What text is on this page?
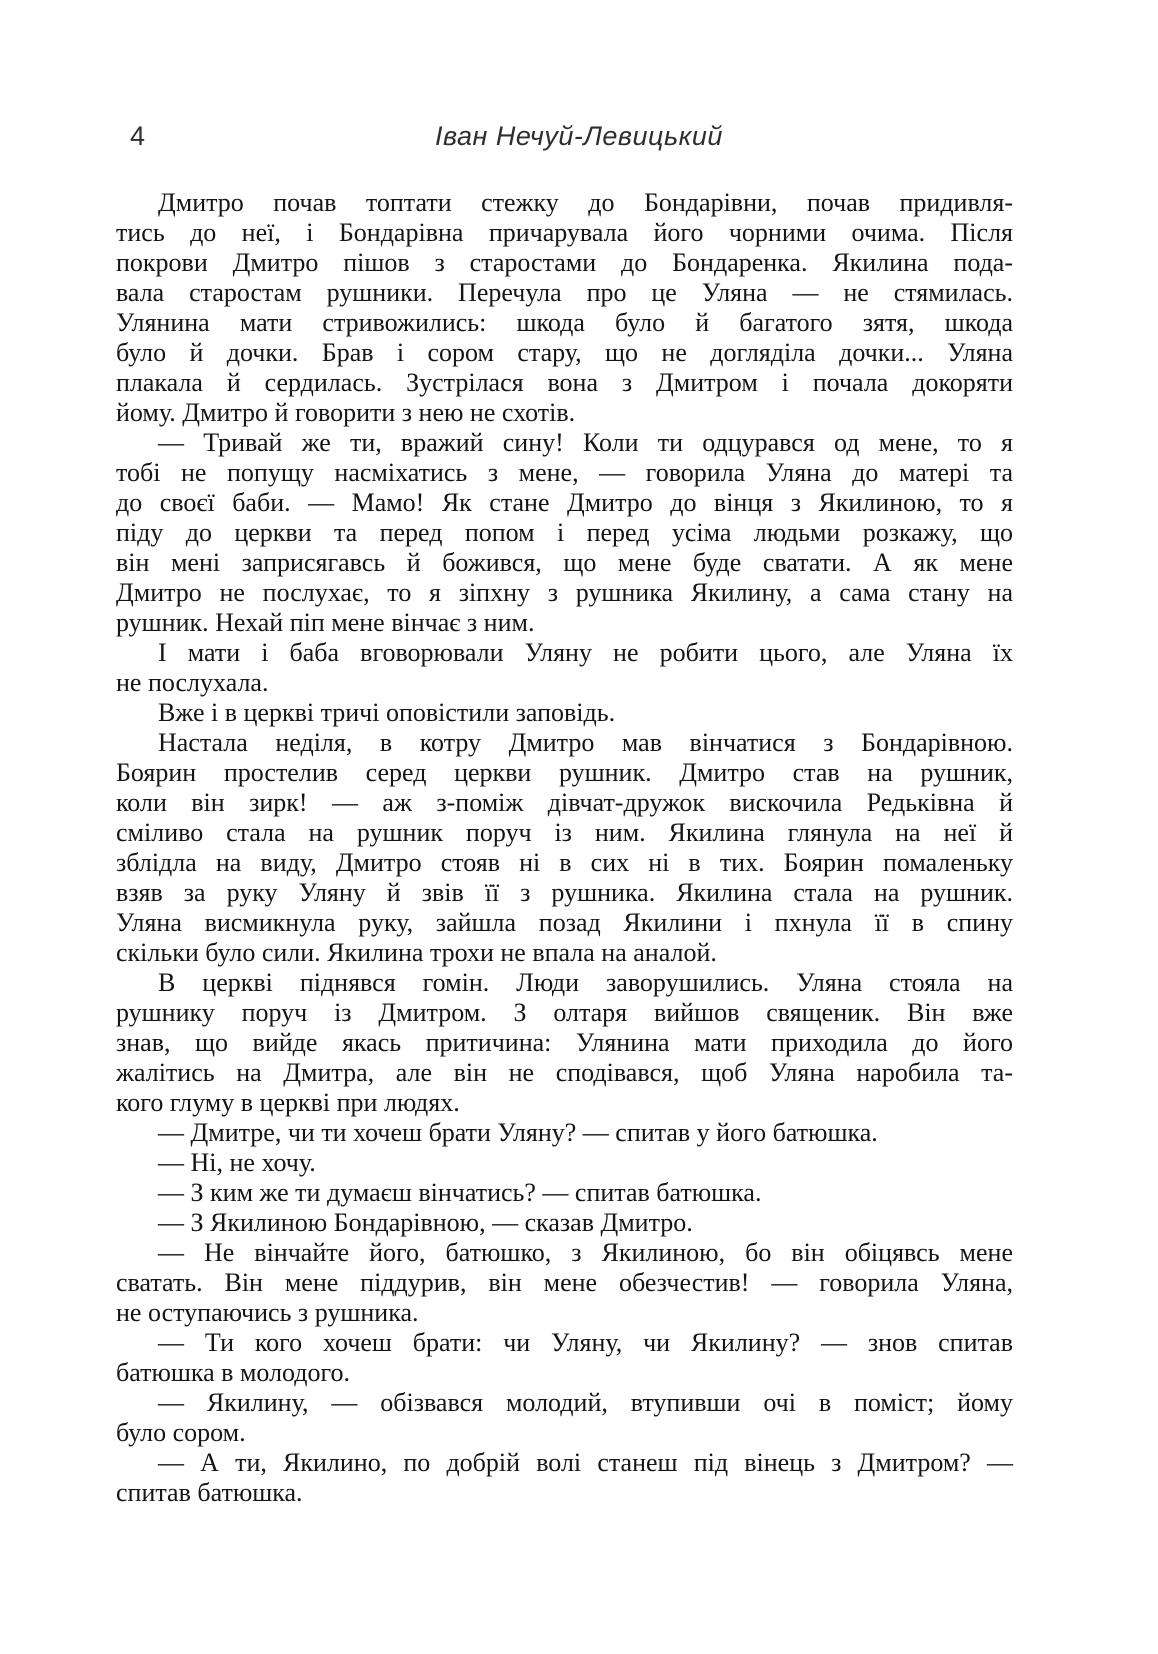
4	Іван Нечуй-Левицький
Дмитро почав топтати стежку до Бондарівни, почав придивля-
тись до неї, і Бондарівна причарувала його чорними очима. Після
покрови Дмитро пішов з старостами до Бондаренка. Якилина пода-
вала старостам рушники. Перечула про це Уляна — не стямилась.
Улянина мати стривожились: шкода було й багатого зятя, шкода
було й дочки. Брав і сором стару, що не догляділа дочки... Уляна
плакала й сердилась. Зустрілася вона з Дмитром і почала докоряти
йому. Дмитро й говорити з нею не схотів.
— Тривай же ти, вражий сину! Коли ти одцурався од мене, то я
тобі не попущу насміхатись з мене, — говорила Уляна до матері та
до своєї баби. — Мамо! Як стане Дмитро до вінця з Якилиною, то я
піду до церкви та перед попом і перед усіма людьми розкажу, що
він мені заприсягавсь й божився, що мене буде сватати. А як мене
Дмитро не послухає, то я зіпхну з рушника Якилину, а сама стану на
рушник. Нехай піп мене вінчає з ним.
І мати і баба вговорювали Уляну не робити цього, але Уляна їх
не послухала.
Вже і в церкві тричі оповістили заповідь.
Настала неділя, в котру Дмитро мав вінчатися з Бондарівною.
Боярин простелив серед церкви рушник. Дмитро став на рушник,
коли він зирк! — аж з-поміж дівчат-дружок вискочила Редьківна й
сміливо стала на рушник поруч із ним. Якилина глянула на неї й
зблідла на виду, Дмитро стояв ні в сих ні в тих. Боярин помаленьку
взяв за руку Уляну й звів її з рушника. Якилина стала на рушник.
Уляна висмикнула руку, зайшла позад Якилини і пхнула її в спину
скільки було сили. Якилина трохи не впала на аналой.
В церкві піднявся гомін. Люди заворушились. Уляна стояла на
рушнику поруч із Дмитром. З олтаря вийшов священик. Він вже
знав, що вийде якась притичина: Улянина мати приходила до його
жалітись на Дмитра, але він не сподівався, щоб Уляна наробила та-
кого глуму в церкві при людях.
— Дмитре, чи ти хочеш брати Уляну? — спитав у його батюшка.
— Ні, не хочу.
— З ким же ти думаєш вінчатись? — спитав батюшка.
— З Якилиною Бондарівною, — сказав Дмитро.
— Не вінчайте його, батюшко, з Якилиною, бо він обіцявсь мене
сватать. Він мене піддурив, він мене обезчестив! — говорила Уляна,
не оступаючись з рушника.
— Ти кого хочеш брати: чи Уляну, чи Якилину? — знов спитав
батюшка в молодого.
— Якилину, — обізвався молодий, втупивши очі в поміст; йому
було сором.
— А ти, Якилино, по добрій волі станеш під вінець з Дмитром? —
спитав батюшка.
